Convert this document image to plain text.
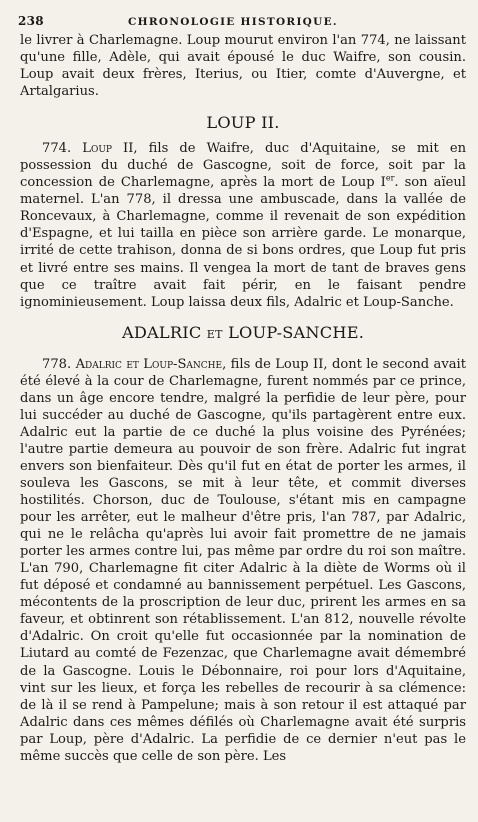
238	CHRONOLOGIE HISTORIQUE.

le livrer à Charlemagne. Loup mourut environ l'an 774, ne laissant qu'une fille, Adèle, qui avait épousé le duc Waifre, son cousin. Loup avait deux frères, Iterius, ou Itier, comte d'Auvergne, et Artalgarius.

LOUP II.

774. Loup II, fils de Waifre, duc d'Aquitaine, se mit en possession du duché de Gascogne, soit de force, soit par la concession de Charlemagne, après la mort de Loup Ier. son aïeul maternel. L'an 778, il dressa une ambuscade, dans la vallée de Roncevaux, à Charlemagne, comme il revenait de son expédition d'Espagne, et lui tailla en pièce son arrière garde. Le monarque, irrité de cette trahison, donna de si bons ordres, que Loup fut pris et livré entre ses mains. Il vengea la mort de tant de braves gens que ce traître avait fait périr, en le faisant pendre ignominieusement. Loup laissa deux fils, Adalric et Loup-Sanche.

ADALRIC ET LOUP-SANCHE.

778. Adalric et Loup-Sanche, fils de Loup II, dont le second avait été élevé à la cour de Charlemagne, furent nommés par ce prince, dans un âge encore tendre, malgré la perfidie de leur père, pour lui succéder au duché de Gascogne, qu'ils partagèrent entre eux. Adalric eut la partie de ce duché la plus voisine des Pyrénées; l'autre partie demeura au pouvoir de son frère. Adalric fut ingrat envers son bienfaiteur. Dès qu'il fut en état de porter les armes, il souleva les Gascons, se mit à leur tête, et commit diverses hostilités. Chorson, duc de Toulouse, s'étant mis en campagne pour les arrêter, eut le malheur d'être pris, l'an 787, par Adalric, qui ne le relâcha qu'après lui avoir fait promettre de ne jamais porter les armes contre lui, pas même par ordre du roi son maître. L'an 790, Charlemagne fit citer Adalric à la diète de Worms où il fut déposé et condamné au bannissement perpétuel. Les Gascons, mécontents de la proscription de leur duc, prirent les armes en sa faveur, et obtinrent son rétablissement. L'an 812, nouvelle révolte d'Adalric. On croit qu'elle fut occasionnée par la nomination de Liutard au comté de Fezenzac, que Charlemagne avait démembré de la Gascogne. Louis le Débonnaire, roi pour lors d'Aquitaine, vint sur les lieux, et força les rebelles de recourir à sa clémence: de là il se rend à Pampelune; mais à son retour il est attaqué par Adalric dans ces mêmes défilés où Charlemagne avait été surpris par Loup, père d'Adalric. La perfidie de ce dernier n'eut pas le même succès que celle de son père. Les
